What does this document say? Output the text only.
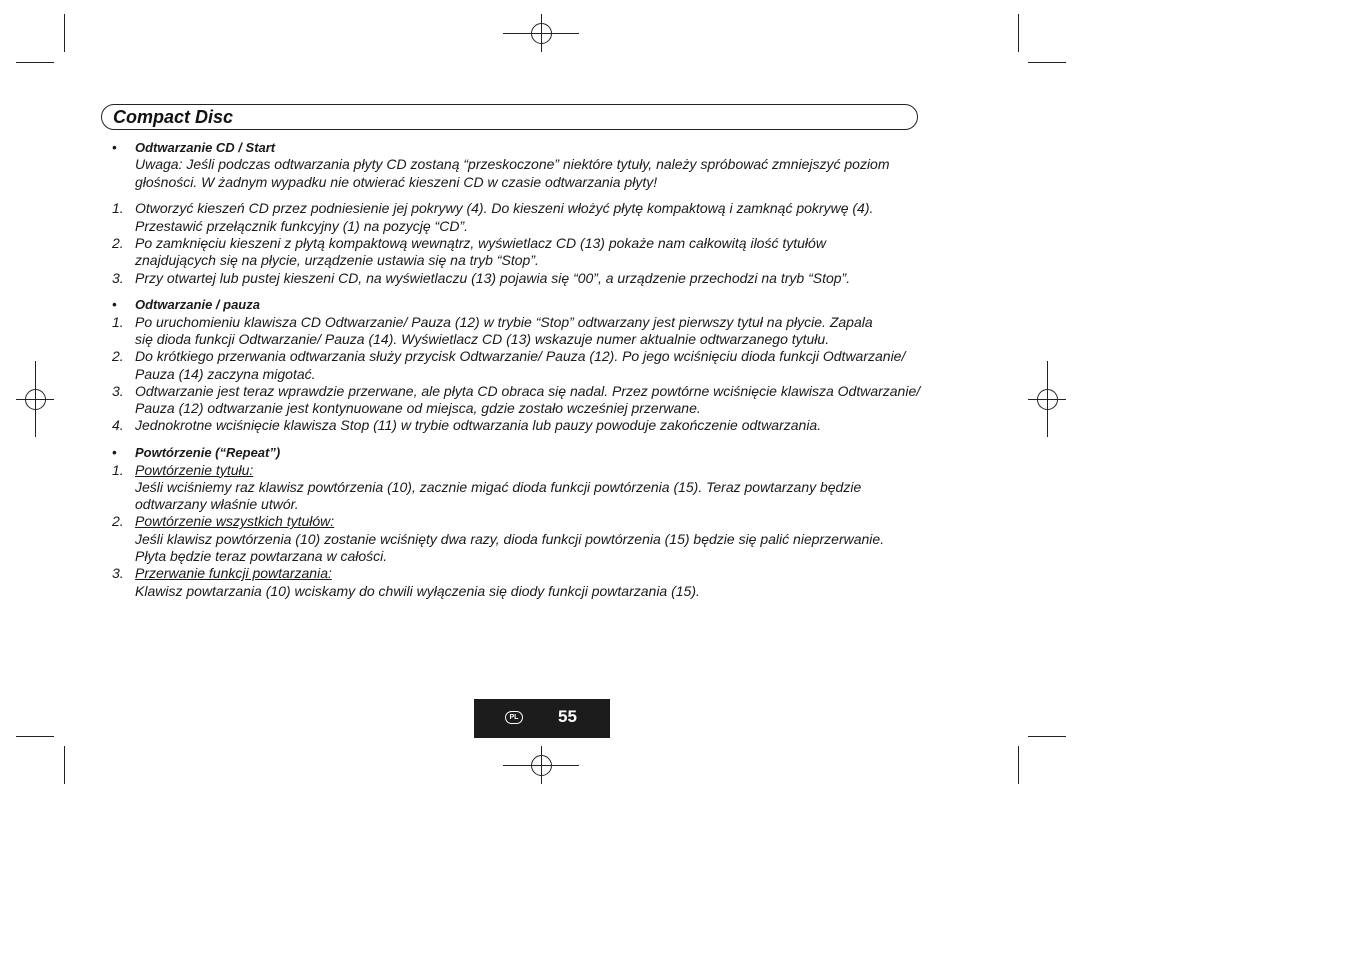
Compact Disc
• Odtwarzanie CD / Start
Uwaga: Jeśli podczas odtwarzania płyty CD zostaną “przeskoczone” niektóre tytuły, należy spróbować zmniejszyć poziom
głośności. W żadnym wypadku nie otwierać kieszeni CD w czasie odtwarzania płyty!
1. Otworzyć kieszeń CD przez podniesienie jej pokrywy (4). Do kieszeni włożyć płytę kompaktową i zamknąć pokrywę (4).
Przestawić przełącznik funkcyjny (1) na pozycję “CD”.
2. Po zamknięciu kieszeni z płytą kompaktową wewnątrz, wyświetlacz CD (13) pokaże nam całkowitą ilość tytułów
znajdujących się na płycie, urządzenie ustawia się na tryb “Stop”.
3. Przy otwartej lub pustej kieszeni CD, na wyświetlaczu (13) pojawia się “00”, a urządzenie przechodzi na tryb “Stop”.
• Odtwarzanie / pauza
1. Po uruchomieniu klawisza CD Odtwarzanie/ Pauza (12) w trybie “Stop” odtwarzany jest pierwszy tytuł na płycie. Zapala
się dioda funkcji Odtwarzanie/ Pauza (14). Wyświetlacz CD (13) wskazuje numer aktualnie odtwarzanego tytułu.
2. Do krótkiego przerwania odtwarzania służy przycisk Odtwarzanie/ Pauza (12). Po jego wciśnięciu dioda funkcji Odtwarzanie/
Pauza (14) zaczyna migotać.
3. Odtwarzanie jest teraz wprawdzie przerwane, ale płyta CD obraca się nadal. Przez powtórne wciśnięcie klawisza Odtwarzanie/
Pauza (12) odtwarzanie jest kontynuowane od miejsca, gdzie zostało wcześniej przerwane.
4. Jednokrotne wciśnięcie klawisza Stop (11) w trybie odtwarzania lub pauzy powoduje zakończenie odtwarzania.
• Powtórzenie (“Repeat”)
1. Powtórzenie tytułu:
Jeśli wciśniemy raz klawisz powtórzenia (10), zacznie migać dioda funkcji powtórzenia (15). Teraz powtarzany będzie
odtwarzany właśnie utwór.
2. Powtórzenie wszystkich tytułów:
Jeśli klawisz powtórzenia (10) zostanie wciśnięty dwa razy, dioda funkcji powtórzenia (15) będzie się palić nieprzerwanie.
Płyta będzie teraz powtarzana w całości.
3. Przerwanie funkcji powtarzania:
Klawisz powtarzania (10) wciskamy do chwili wyłączenia się diody funkcji powtarzania (15).
PL 55
